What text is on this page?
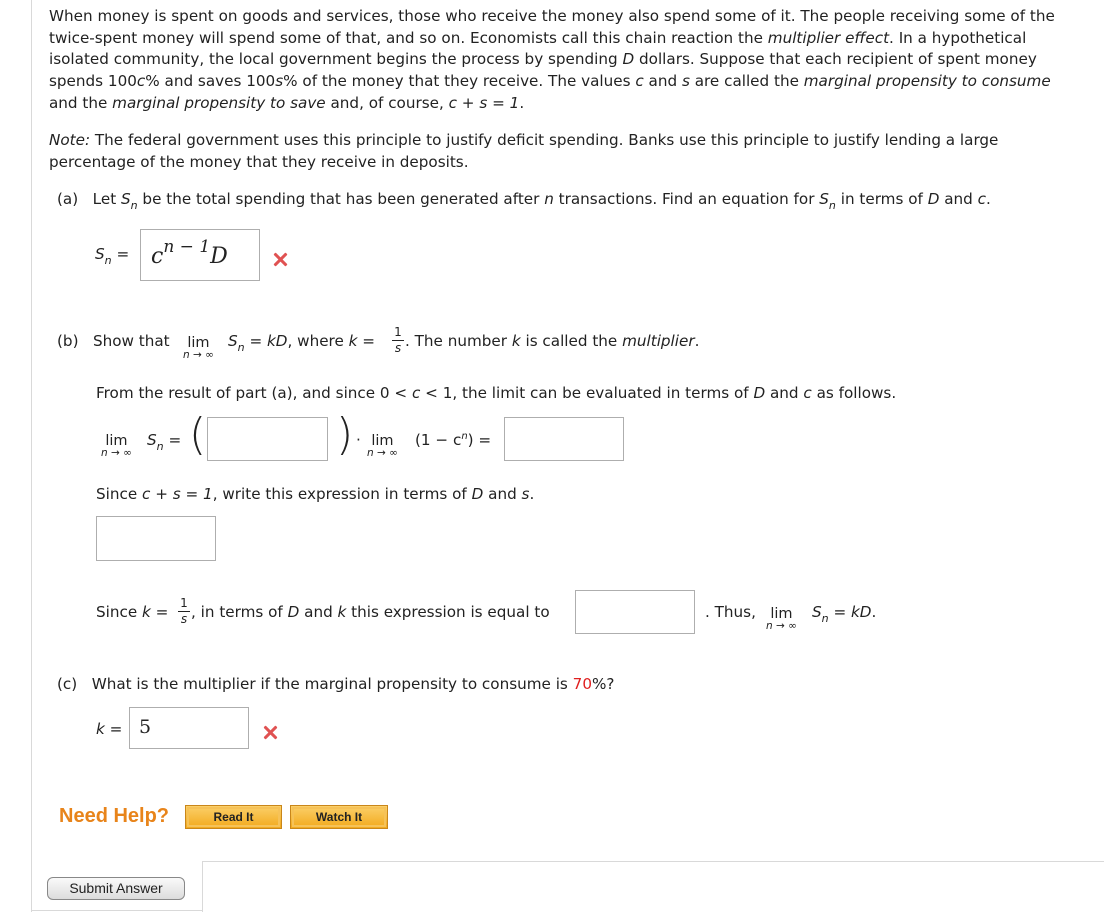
When money is spent on goods and services, those who receive the money also spend some of it. The people receiving some of the twice-spent money will spend some of that, and so on. Economists call this chain reaction the multiplier effect. In a hypothetical isolated community, the local government begins the process by spending D dollars. Suppose that each recipient of spent money spends 100c% and saves 100s% of the money that they receive. The values c and s are called the marginal propensity to consume and the marginal propensity to save and, of course, c + s = 1.
Note: The federal government uses this principle to justify deficit spending. Banks use this principle to justify lending a large percentage of the money that they receive in deposits.
(a) Let $S_n$ be the total spending that has been generated after n transactions. Find an equation for $S_n$ in terms of D and c.
$S_n = c^{n - 1}D$
(b) Show that lim
n → ∞
$S_n$ = kD, where k = 1
s . The number k is called the multiplier.
From the result of part (a), and since 0 < c < 1, the limit can be evaluated in terms of D and c as follows.
lim
n → ∞
$S_n$ = (	) · lim
n → ∞
$(1 - c^n)$ =
Since c + s = 1, write this expression in terms of D and s.
Since k = 1
s , in terms of D and k this expression is equal to	. Thus, lim
n → ∞
$S_n$ = kD.
(c) What is the multiplier if the marginal propensity to consume is 70%?
k = 5
Need Help?	Read It	Watch It
Submit Answer
